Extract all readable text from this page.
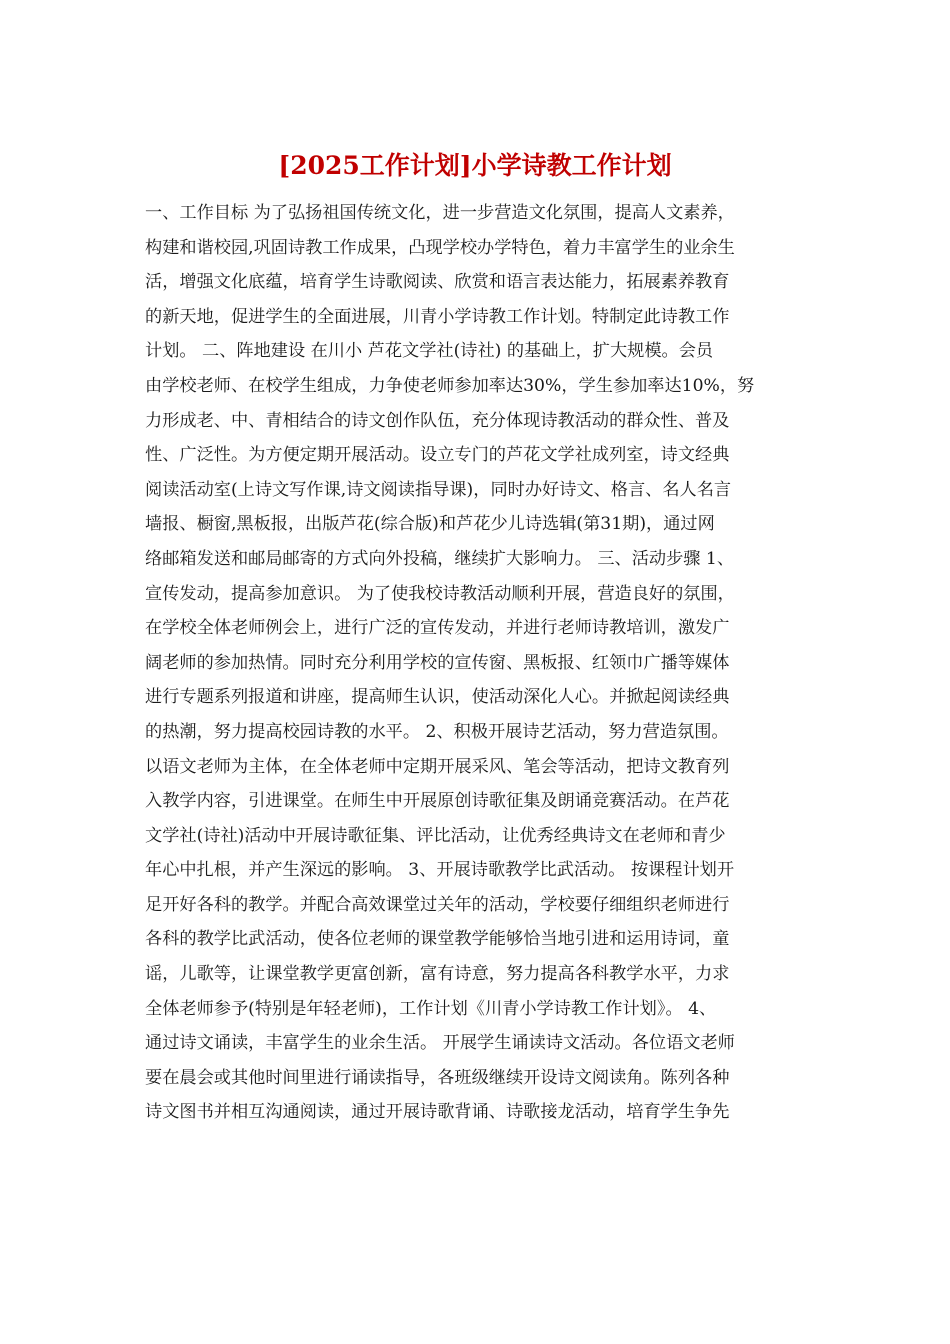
[2025工作计划]小学诗教工作计划
一、工作目标 为了弘扬祖国传统文化，进一步营造文化氛围，提高人文素养，
构建和谐校园,巩固诗教工作成果，凸现学校办学特色，着力丰富学生的业余生
活，增强文化底蕴，培育学生诗歌阅读、欣赏和语言表达能力，拓展素养教育
的新天地，促进学生的全面进展，川青小学诗教工作计划。特制定此诗教工作
计划。 二、阵地建设 在川小 芦花文学社(诗社) 的基础上，扩大规模。会员
由学校老师、在校学生组成，力争使老师参加率达30%，学生参加率达10%，努
力形成老、中、青相结合的诗文创作队伍，充分体现诗教活动的群众性、普及
性、广泛性。为方便定期开展活动。设立专门的芦花文学社成列室，诗文经典
阅读活动室(上诗文写作课,诗文阅读指导课)，同时办好诗文、格言、名人名言
墙报、橱窗,黑板报，出版芦花(综合版)和芦花少儿诗选辑(第31期)，通过网
络邮箱发送和邮局邮寄的方式向外投稿，继续扩大影响力。 三、活动步骤 1、
宣传发动，提高参加意识。 为了使我校诗教活动顺利开展，营造良好的氛围，
在学校全体老师例会上，进行广泛的宣传发动，并进行老师诗教培训，激发广
阔老师的参加热情。同时充分利用学校的宣传窗、黑板报、红领巾广播等媒体
进行专题系列报道和讲座，提高师生认识，使活动深化人心。并掀起阅读经典
的热潮，努力提高校园诗教的水平。 2、积极开展诗艺活动，努力营造氛围。
以语文老师为主体，在全体老师中定期开展采风、笔会等活动，把诗文教育列
入教学内容，引进课堂。在师生中开展原创诗歌征集及朗诵竞赛活动。在芦花
文学社(诗社)活动中开展诗歌征集、评比活动，让优秀经典诗文在老师和青少
年心中扎根，并产生深远的影响。 3、开展诗歌教学比武活动。 按课程计划开
足开好各科的教学。并配合高效课堂过关年的活动，学校要仔细组织老师进行
各科的教学比武活动，使各位老师的课堂教学能够恰当地引进和运用诗词，童
谣，儿歌等，让课堂教学更富创新，富有诗意，努力提高各科教学水平，力求
全体老师参予(特别是年轻老师)，工作计划《川青小学诗教工作计划》。 4、
通过诗文诵读，丰富学生的业余生活。 开展学生诵读诗文活动。各位语文老师
要在晨会或其他时间里进行诵读指导，各班级继续开设诗文阅读角。陈列各种
诗文图书并相互沟通阅读，通过开展诗歌背诵、诗歌接龙活动，培育学生争先
